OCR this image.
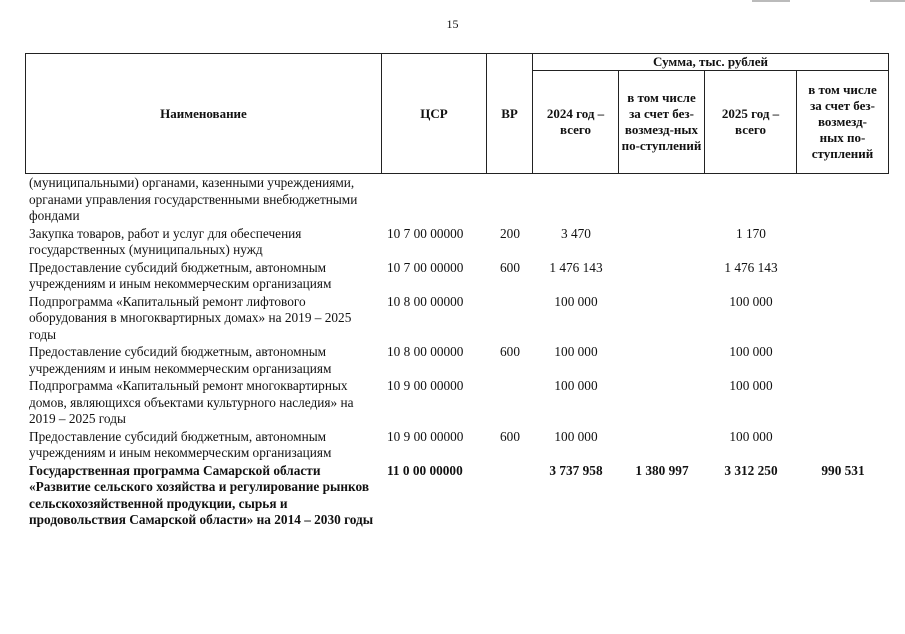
15
Наименование	ЦСР	ВР	Сумма, тыс. рублей			
			2024 год – всего	в том числе за счет без-возмезд-ных по-ступлений	2025 год – всего	в том числе за счет без-возмезд-ных по-ступлений
(муниципальными) органами, казенными учреждениями, органами управления государственными внебюджетными фондами						
Закупка товаров, работ и услуг для обеспечения государственных (муниципальных) нужд	10 7 00 00000	200	3 470		1 170	
Предоставление субсидий бюджетным, автономным учреждениям и иным некоммерческим организациям	10 7 00 00000	600	1 476 143		1 476 143	
Подпрограмма «Капитальный ремонт лифтового оборудования в многоквартирных домах» на 2019 – 2025 годы	10 8 00 00000		100 000		100 000	
Предоставление субсидий бюджетным, автономным учреждениям и иным некоммерческим организациям	10 8 00 00000	600	100 000		100 000	
Подпрограмма «Капитальный ремонт многоквартирных домов, являющихся объектами культурного наследия» на 2019 – 2025 годы	10 9 00 00000		100 000		100 000	
Предоставление субсидий бюджетным, автономным учреждениям и иным некоммерческим организациям	10 9 00 00000	600	100 000		100 000	
Государственная программа Самарской области «Развитие сельского хозяйства и регулирование рынков сельскохозяйственной продукции, сырья и продовольствия Самарской области» на 2014 – 2030 годы	11 0 00 00000		3 737 958	1 380 997	3 312 250	990 531
